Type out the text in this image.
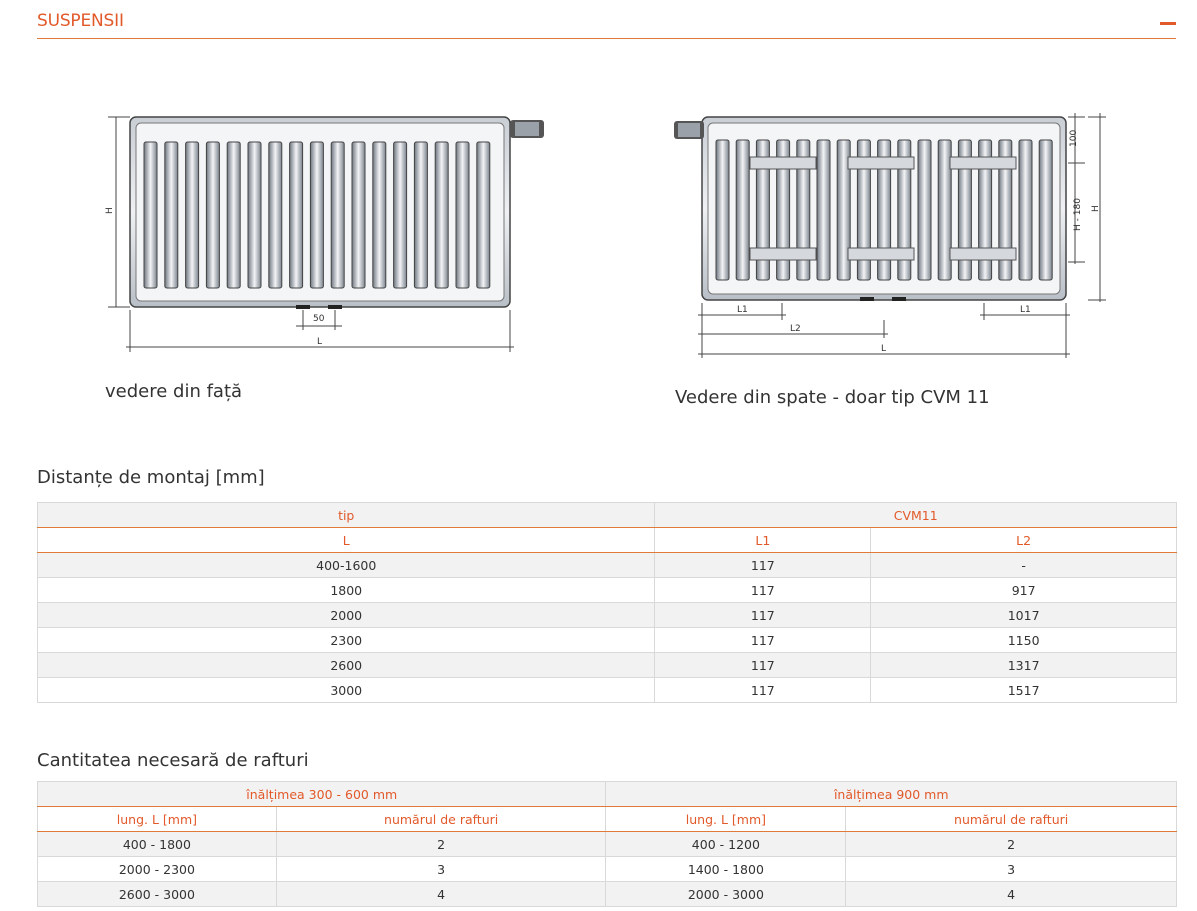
SUSPENSII
H
50
L
vedere din față
100
H - 180 H
L1	L1
L2
L
Vedere din spate - doar tip CVM 11
Distanțe de montaj [mm]
tip	CVM11	
L	L1	L2
400-1600	117	-
1800	117	917
2000	117	1017
2300	117	1150
2600	117	1317
3000	117	1517
Cantitatea necesară de rafturi
înălțimea 300 - 600 mm		înălțimea 900 mm	
lung. L [mm]	numărul de rafturi	lung. L [mm]	numărul de rafturi
400 - 1800	2	400 - 1200	2
2000 - 2300	3	1400 - 1800	3
2600 - 3000	4	2000 - 3000	4
